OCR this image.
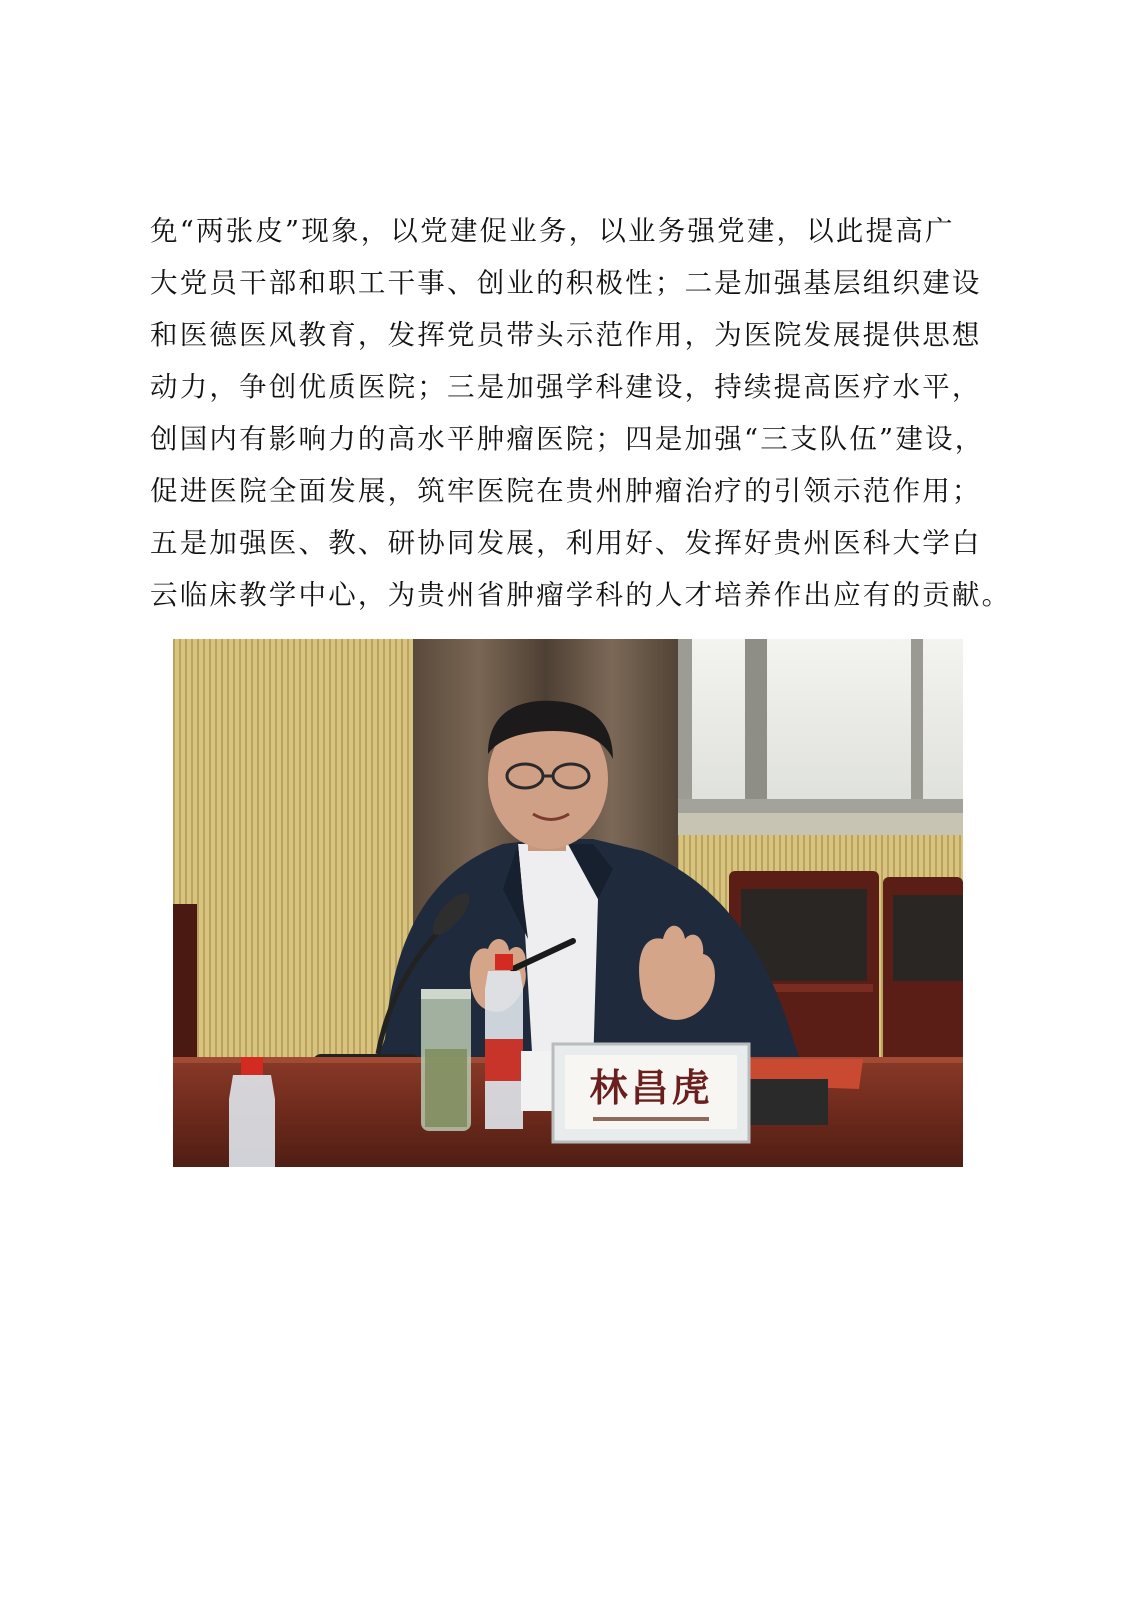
免“两张皮”现象，以党建促业务，以业务强党建，以此提高广
大党员干部和职工干事、创业的积极性；二是加强基层组织建设
和医德医风教育，发挥党员带头示范作用，为医院发展提供思想
动力，争创优质医院；三是加强学科建设，持续提高医疗水平，
创国内有影响力的高水平肿瘤医院；四是加强“三支队伍”建设，
促进医院全面发展，筑牢医院在贵州肿瘤治疗的引领示范作用；
五是加强医、教、研协同发展，利用好、发挥好贵州医科大学白
云临床教学中心，为贵州省肿瘤学科的人才培养作出应有的贡献。
林昌虎
